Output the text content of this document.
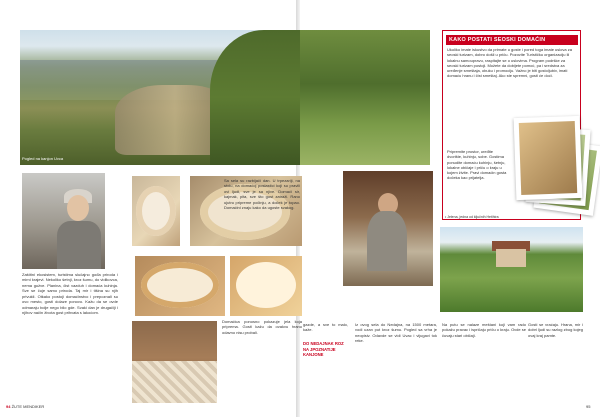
Pogled na kanjon Uvca
KAKO POSTATI SEOSKI DOMAĆIN
Ukoliko imate iskustvo da primate u goste i pored toga imate uslova za seoski turizam, dobro došli u priču. Pozovite Turističku organizaciju ili lokalnu samoupravu, raspitajte se o uslovima. Program podrške za seoski turizam postoji. Možete da dobijete pomoć, pa i sredstva za uređenje smeštaja, obuku i promociju. Važno je biti gostoljubiv, imati domaću hranu i čist smeštaj. Ako ste spremni, gosti će doći.
Pripremite prostor, uređite dvorište, kuhinju, sobe. Gostima ponudite domaću kuhinju, šetnju, lokalne običaje i priču o kraju u kojem živite. Pravi domaćin gosta dočeka kao prijatelja.
• Jelena, jedna od ključnih Hetihira
Zaštitni ekosistem, turistima slučajno gođa priroda i mirni krajevi. Nekoliko šetnji, kroz šumu, do vidikovca, nema gužve. Planina, čist vazduh i domaća kuhinja. Sve se čuje samo priroda. Taj mir i tišina su njih privukli. Otkako postoji domaćinstvo i prepoznali su ovo mesto, gosti dolaze ponovo. Kažu da se ovde odmaraju bolje nego bilo gde. Svaki dan je drugačiji i njihov način života gost prihvata s lakoćom.
Sa sela su razbijači dan. U trpezariji, na stolu, na domaćoj poslastici koji su pravili ovi ljudi, sve je sa njive. Domaći sir, kajmak, pita, sve što gost zatraži. Rano ujutru pripreme počinju, a doček je topao. Domaćini znaju kako da ugoste svakog.
Domaćica ponosno pokazuje jela koja priprema. Gosti kažu da ovakvu hranu odavno nisu probali.
gazde, a sve to malo, kaže.
DO NEDAJNAK ROZ NA JPOZNATIJE KANJONE
Iz ovog sela do Nedajna, na 1500 metara, vodi uzan put kroz šumu. Pogled sa vrha je neopisiv. Odavde se vidi Uvac i vijugavi tok reke.
Na putu se nalaze meštani koji vam rado pokažu pravac i ispričaju priču o kraju. Ovde se čuvaju stari običaji.
Gosti se vraćaju. Hrana, mir i dobri ljudi su razlog zbog kojeg ovaj kraj pamte.
94 ŽUTE MENDIKER	95
